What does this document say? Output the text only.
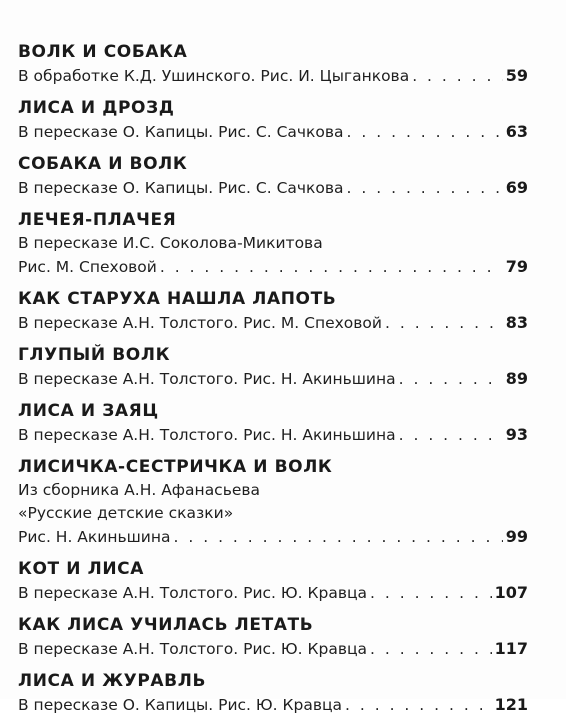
ВОЛК И СОБАКА
В обработке К.Д. Ушинского. Рис. И. Цыганкова . . .	59
ЛИСА И ДРОЗД
В пересказе О. Капицы. Рис. С. Сачкова . . .	63
СОБАКА И ВОЛК
В пересказе О. Капицы. Рис. С. Сачкова . . .	69
ЛЕЧЕЯ-ПЛАЧЕЯ
В пересказе И.С. Соколова-Микитова
Рис. М. Спеховой . . .	79
КАК СТАРУХА НАШЛА ЛАПОТЬ
В пересказе А.Н. Толстого. Рис. М. Спеховой . . .	83
ГЛУПЫЙ ВОЛК
В пересказе А.Н. Толстого. Рис. Н. Акиньшина . . .	89
ЛИСА И ЗАЯЦ
В пересказе А.Н. Толстого. Рис. Н. Акиньшина . . .	93
ЛИСИЧКА-СЕСТРИЧКА И ВОЛК
Из сборника А.Н. Афанасьева
«Русские детские сказки»
Рис. Н. Акиньшина . . .	99
КОТ И ЛИСА
В пересказе А.Н. Толстого. Рис. Ю. Кравца . . .	107
КАК ЛИСА УЧИЛАСЬ ЛЕТАТЬ
В пересказе А.Н. Толстого. Рис. Ю. Кравца . . .	117
ЛИСА И ЖУРАВЛЬ
В пересказе О. Капицы. Рис. Ю. Кравца . . .	121
